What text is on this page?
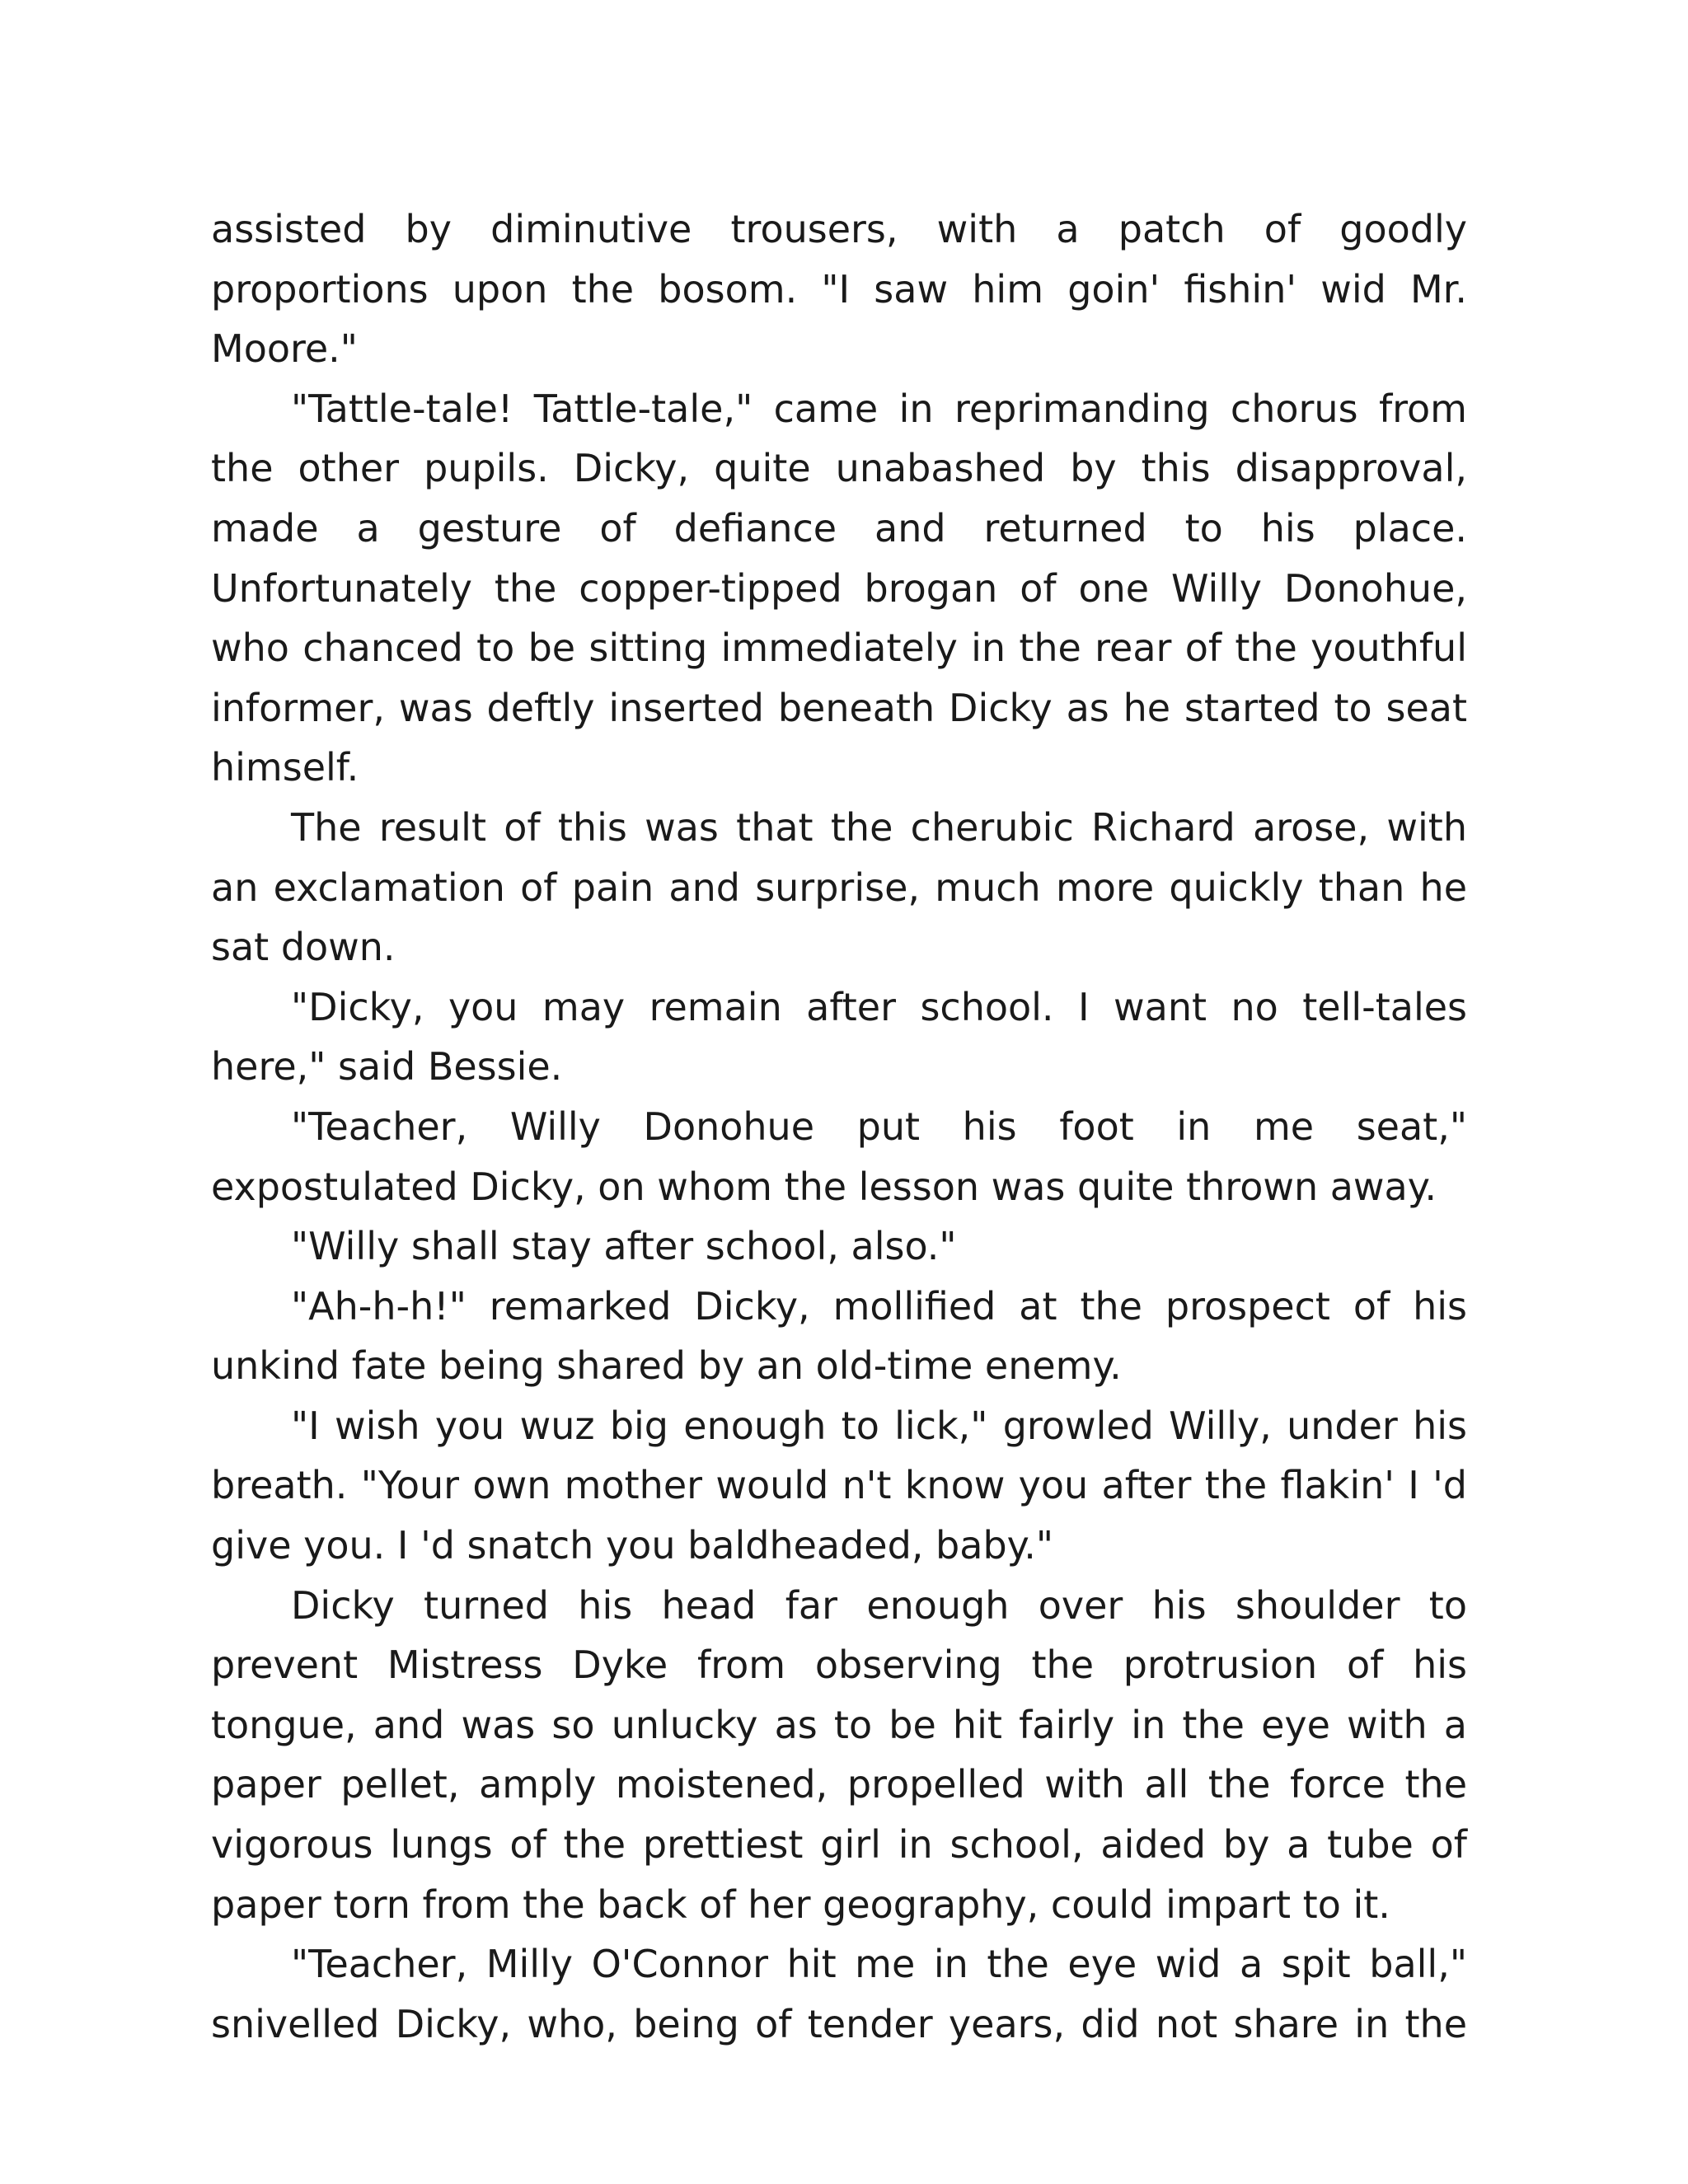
assisted by diminutive trousers, with a patch of goodly proportions upon the bosom. "I saw him goin' fishin' wid Mr. Moore."

"Tattle-tale! Tattle-tale," came in reprimanding chorus from the other pupils. Dicky, quite unabashed by this disapproval, made a gesture of defiance and returned to his place. Unfortunately the copper-tipped brogan of one Willy Donohue, who chanced to be sitting immediately in the rear of the youthful informer, was deftly inserted beneath Dicky as he started to seat himself.

The result of this was that the cherubic Richard arose, with an exclamation of pain and surprise, much more quickly than he sat down.

"Dicky, you may remain after school. I want no tell-tales here," said Bessie.

"Teacher, Willy Donohue put his foot in me seat," expostulated Dicky, on whom the lesson was quite thrown away.

"Willy shall stay after school, also."

"Ah-h-h!" remarked Dicky, mollified at the prospect of his unkind fate being shared by an old-time enemy.

"I wish you wuz big enough to lick," growled Willy, under his breath. "Your own mother would n't know you after the flakin' I 'd give you. I 'd snatch you baldheaded, baby."

Dicky turned his head far enough over his shoulder to prevent Mistress Dyke from observing the protrusion of his tongue, and was so unlucky as to be hit fairly in the eye with a paper pellet, amply moistened, propelled with all the force the vigorous lungs of the prettiest girl in school, aided by a tube of paper torn from the back of her geography, could impart to it.

"Teacher, Milly O'Connor hit me in the eye wid a spit ball," snivelled Dicky, who, being of tender years, did not share in the
